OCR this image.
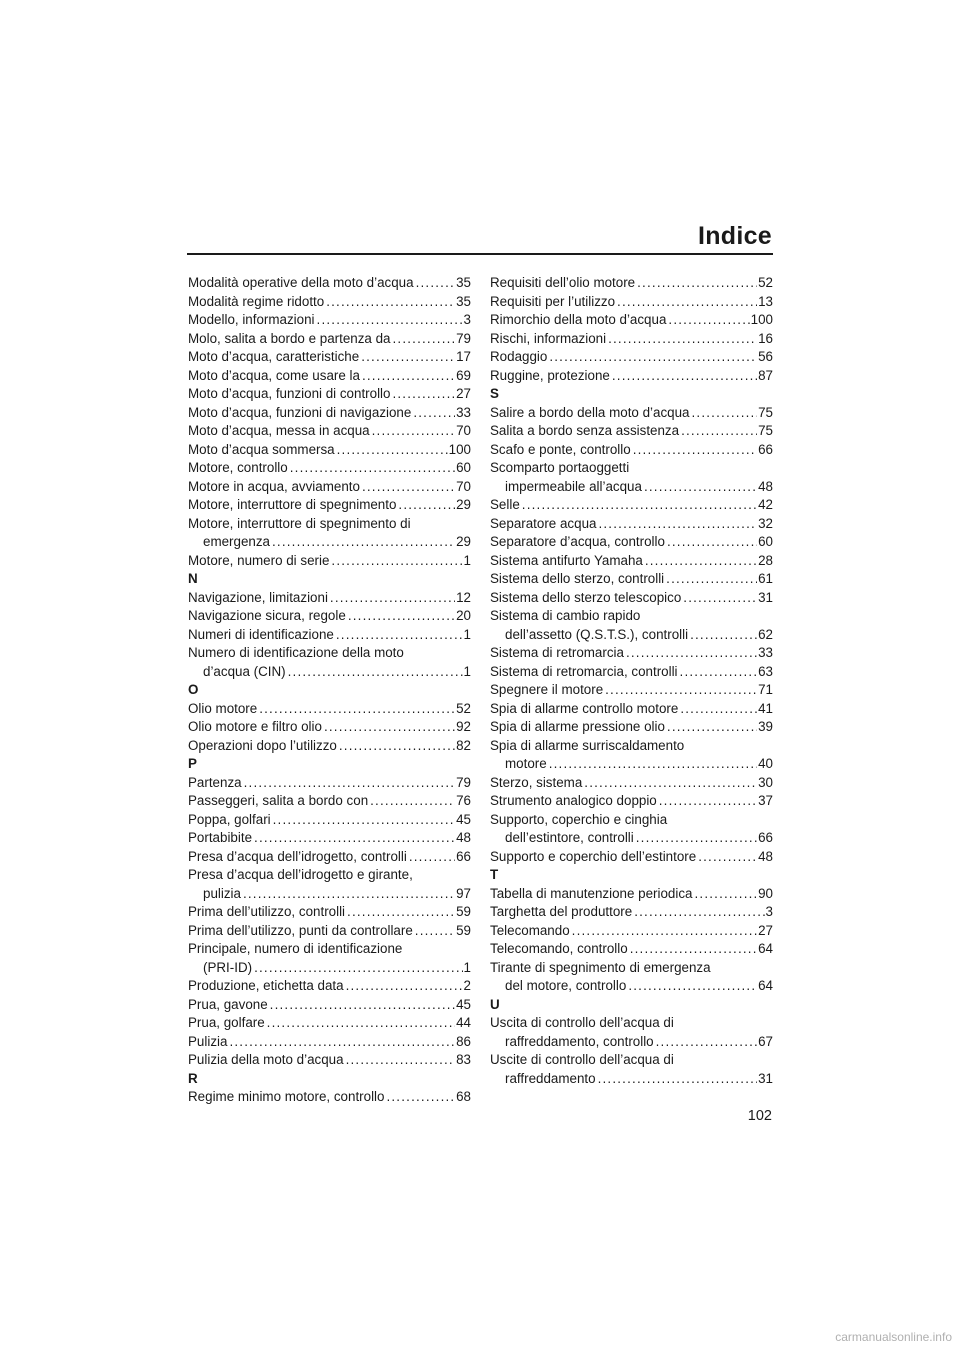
Indice
Modalità operative della moto d’acqua .....	35
Modalità regime ridotto .....	35
Modello, informazioni .....	3
Molo, salita a bordo e partenza da .....	79
Moto d’acqua, caratteristiche .....	17
Moto d’acqua, come usare la .....	69
Moto d’acqua, funzioni di controllo .....	27
Moto d’acqua, funzioni di navigazione .....	33
Moto d’acqua, messa in acqua .....	70
Moto d’acqua sommersa .....	100
Motore, controllo .....	60
Motore in acqua, avviamento .....	70
Motore, interruttore di spegnimento .....	29
Motore, interruttore di spegnimento di
emergenza .....	29
Motore, numero di serie .....	1
N
Navigazione, limitazioni .....	12
Navigazione sicura, regole .....	20
Numeri di identificazione .....	1
Numero di identificazione della moto
d’acqua (CIN) .....	1
O
Olio motore .....	52
Olio motore e filtro olio .....	92
Operazioni dopo l’utilizzo .....	82
P
Partenza .....	79
Passeggeri, salita a bordo con .....	76
Poppa, golfari .....	45
Portabibite .....	48
Presa d’acqua dell’idrogetto, controlli .....	66
Presa d’acqua dell’idrogetto e girante,
pulizia .....	97
Prima dell’utilizzo, controlli .....	59
Prima dell’utilizzo, punti da controllare .....	59
Principale, numero di identificazione
(PRI-ID) .....	1
Produzione, etichetta data .....	2
Prua, gavone .....	45
Prua, golfare .....	44
Pulizia .....	86
Pulizia della moto d’acqua .....	83
R
Regime minimo motore, controllo .....	68
Requisiti dell’olio motore .....	52
Requisiti per l’utilizzo .....	13
Rimorchio della moto d’acqua .....	100
Rischi, informazioni .....	16
Rodaggio .....	56
Ruggine, protezione .....	87
S
Salire a bordo della moto d’acqua .....	75
Salita a bordo senza assistenza .....	75
Scafo e ponte, controllo .....	66
Scomparto portaoggetti
impermeabile all’acqua .....	48
Selle .....	42
Separatore acqua .....	32
Separatore d’acqua, controllo .....	60
Sistema antifurto Yamaha .....	28
Sistema dello sterzo, controlli .....	61
Sistema dello sterzo telescopico .....	31
Sistema di cambio rapido
dell’assetto (Q.S.T.S.), controlli .....	62
Sistema di retromarcia .....	33
Sistema di retromarcia, controlli .....	63
Spegnere il motore .....	71
Spia di allarme controllo motore .....	41
Spia di allarme pressione olio .....	39
Spia di allarme surriscaldamento
motore .....	40
Sterzo, sistema .....	30
Strumento analogico doppio .....	37
Supporto, coperchio e cinghia
dell’estintore, controlli .....	66
Supporto e coperchio dell’estintore .....	48
T
Tabella di manutenzione periodica .....	90
Targhetta del produttore .....	3
Telecomando .....	27
Telecomando, controllo .....	64
Tirante di spegnimento di emergenza
del motore, controllo .....	64
U
Uscita di controllo dell’acqua di
raffreddamento, controllo .....	67
Uscite di controllo dell’acqua di
raffreddamento .....	31
102
carmanualsonline.info
